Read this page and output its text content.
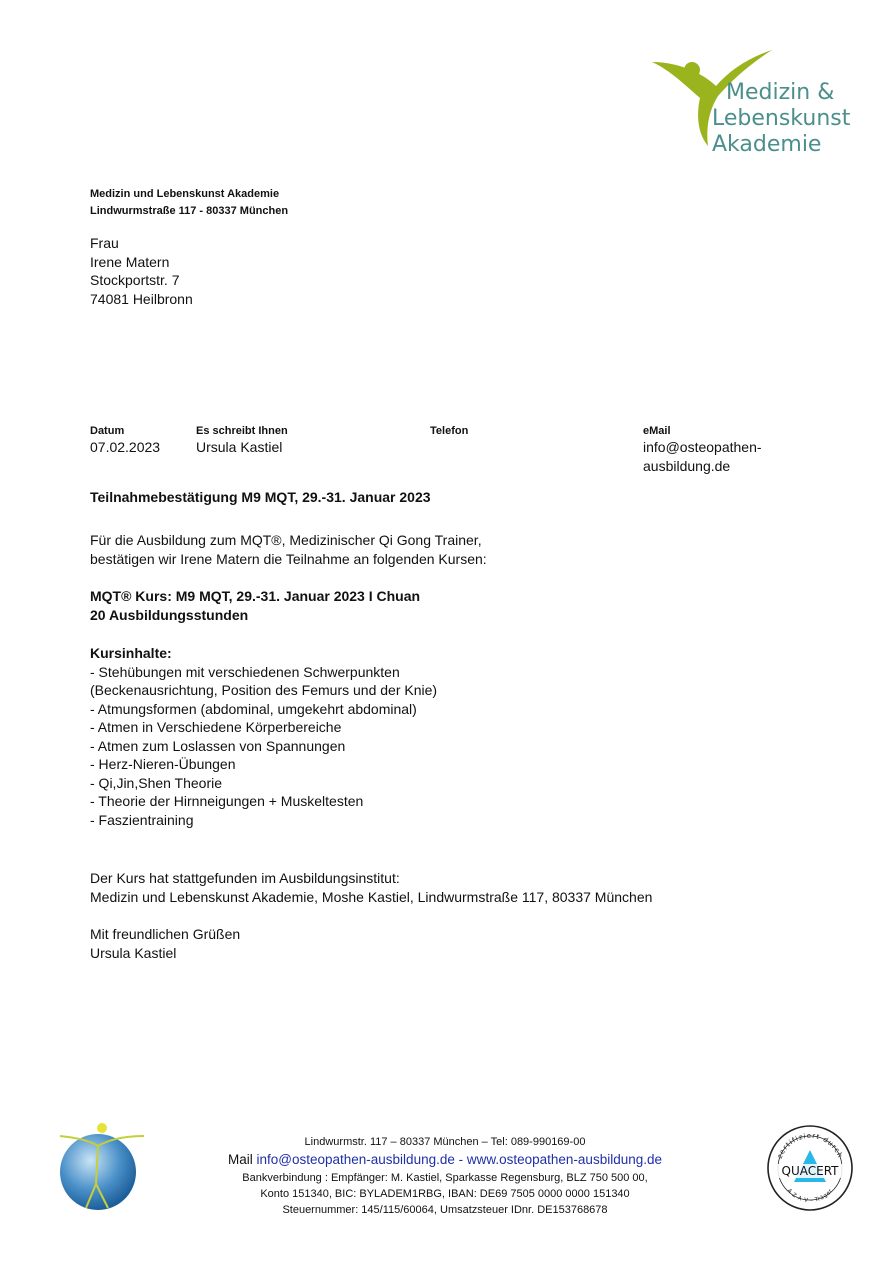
Medizin &
Lebenskunst
Akademie
Medizin und Lebenskunst Akademie
Lindwurmstraße 117 - 80337 München
Frau
Irene Matern
Stockportstr. 7
74081 Heilbronn
Datum
07.02.2023
Es schreibt Ihnen
Ursula Kastiel
Telefon	eMail
info@osteopathen-
ausbildung.de
Teilnahmebestätigung M9 MQT, 29.-31. Januar 2023
Für die Ausbildung zum MQT®, Medizinischer Qi Gong Trainer,
bestätigen wir Irene Matern die Teilnahme an folgenden Kursen:
MQT® Kurs: M9 MQT, 29.-31. Januar 2023 I Chuan
20 Ausbildungsstunden
Kursinhalte:
- Stehübungen mit verschiedenen Schwerpunkten
(Beckenausrichtung, Position des Femurs und der Knie)
- Atmungsformen (abdominal, umgekehrt abdominal)
- Atmen in Verschiedene Körperbereiche
- Atmen zum Loslassen von Spannungen
- Herz-Nieren-Übungen
- Qi,Jin,Shen Theorie
- Theorie der Hirnneigungen + Muskeltesten
- Faszientraining
Der Kurs hat stattgefunden im Ausbildungsinstitut:
Medizin und Lebenskunst Akademie, Moshe Kastiel, Lindwurmstraße 117, 80337 München
Mit freundlichen Grüßen
Ursula Kastiel
Lindwurmstr. 117 – 80337 München – Tel: 089-990169-00
Mail info@osteopathen-ausbildung.de - www.osteopathen-ausbildung.de
Bankverbindung : Empfänger: M. Kastiel, Sparkasse Regensburg, BLZ 750 500 00,
Konto 151340, BIC: BYLADEM1RBG, IBAN: DE69 7505 0000 0000 151340
Steuernummer: 145/115/60064, Umsatzsteuer IDnr. DE153768678
zertifiziert durch
QUACERT
A Z A V - Träger
